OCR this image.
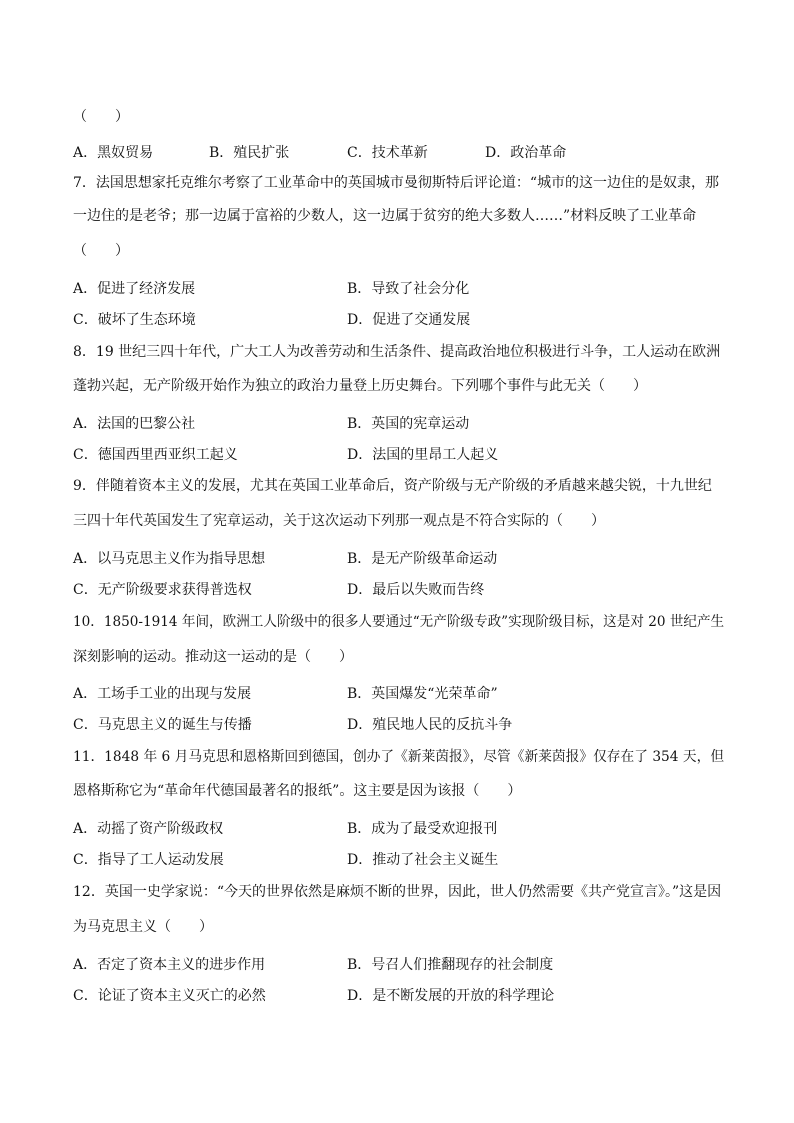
（　　）
A．黑奴贸易	B．殖民扩张	C．技术革新	D．政治革命
7．法国思想家托克维尔考察了工业革命中的英国城市曼彻斯特后评论道：“城市的这一边住的是奴隶，那
一边住的是老爷；那一边属于富裕的少数人，这一边属于贫穷的绝大多数人……”材料反映了工业革命
（　　）
A．促进了经济发展	B．导致了社会分化
C．破坏了生态环境	D．促进了交通发展
8．19 世纪三四十年代，广大工人为改善劳动和生活条件、提高政治地位积极进行斗争，工人运动在欧洲
蓬勃兴起，无产阶级开始作为独立的政治力量登上历史舞台。下列哪个事件与此无关（　　）
A．法国的巴黎公社	B．英国的宪章运动
C．德国西里西亚织工起义	D．法国的里昂工人起义
9．伴随着资本主义的发展，尤其在英国工业革命后，资产阶级与无产阶级的矛盾越来越尖锐，十九世纪
三四十年代英国发生了宪章运动，关于这次运动下列那一观点是不符合实际的（　　）
A．以马克思主义作为指导思想	B．是无产阶级革命运动
C．无产阶级要求获得普选权	D．最后以失败而告终
10．1850-1914 年间，欧洲工人阶级中的很多人要通过“无产阶级专政”实现阶级目标，这是对 20 世纪产生
深刻影响的运动。推动这一运动的是（　　）
A．工场手工业的出现与发展	B．英国爆发“光荣革命”
C．马克思主义的诞生与传播	D．殖民地人民的反抗斗争
11．1848 年 6 月马克思和恩格斯回到德国，创办了《新莱茵报》，尽管《新莱茵报》仅存在了 354 天，但
恩格斯称它为“革命年代德国最著名的报纸”。这主要是因为该报（　　）
A．动摇了资产阶级政权	B．成为了最受欢迎报刊
C．指导了工人运动发展	D．推动了社会主义诞生
12．英国一史学家说：“今天的世界依然是麻烦不断的世界，因此，世人仍然需要《共产党宣言》。”这是因
为马克思主义（　　）
A．否定了资本主义的进步作用	B．号召人们推翻现存的社会制度
C．论证了资本主义灭亡的必然	D．是不断发展的开放的科学理论
